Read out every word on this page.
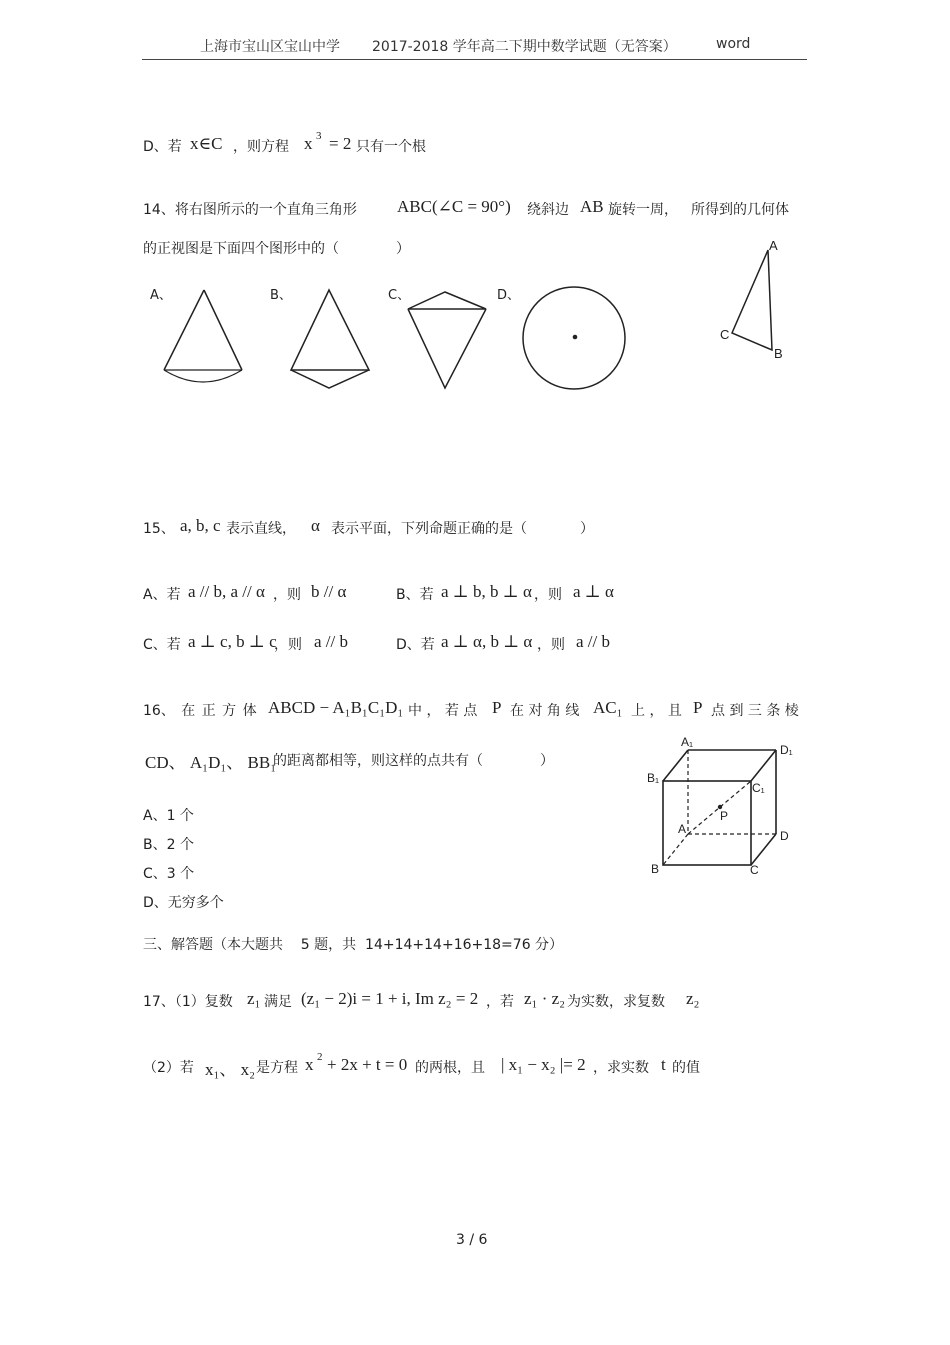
上海市宝山区宝山中学 2017-2018 学年高二下期中数学试题（无答案）	word
D、若 x∈C ，则方程 x 3 = 2 只有一个根
14、将右图所示的一个直角三角形 ABC(∠C = 90°) 绕斜边 AB 旋转一周， 所得到的几何体
的正视图是下面四个图形中的（	）
A、	B、	C、	D、
A
C
B
15、 a, b, c 表示直线， α 表示平面，下列命题正确的是（	）
A、若 a // b, a // α ，则 b // α	B、若 a ⊥ b, b ⊥ α ，则 a ⊥ α
C、若 a ⊥ c, b ⊥ c
，则 a // b	D、若 a ⊥ α, b ⊥ α ，则 a // b
16、 在 正 方 体 ABCD − A₁B₁C₁D₁ 中 ， 若 点 P 在 对 角 线 AC₁ 上 ， 且 P 点 到 三 条 棱
CD、 A₁D₁、 BB₁
的距离都相等，则这样的点共有（	）
A、1 个
B、2 个
C、3 个
D、无穷多个
A₁
D₁
B₁
C₁
A
P
D
B	C
三、解答题（本大题共    5 题，共  14+14+14+16+18=76 分）
17、（1）复数 z₁ 满足 (z₁ − 2)i = 1 + i, Im z₂ = 2 ，若 z₁ · z₂ 为实数，求复数 z₂
（2）若 x₁、 x₂ 是方程 x 2 + 2x + t = 0 的两根，且 | x₁ − x₂ |= 2 ，求实数 t 的值
3 / 6
